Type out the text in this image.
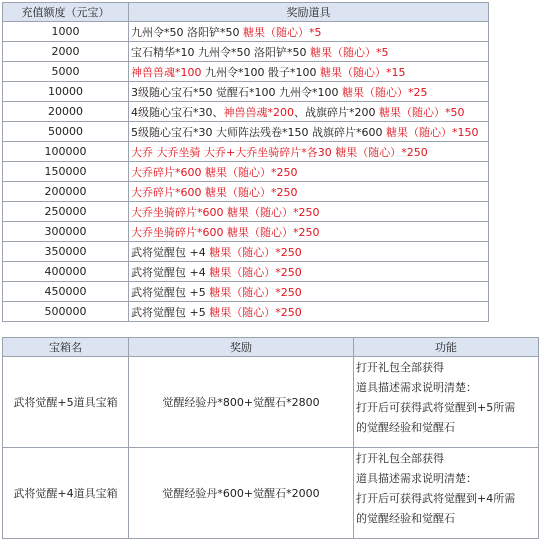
充值额度（元宝）	奖励道具
1000	九州令*50 洛阳铲*50 糖果（随心）*5
2000	宝石精华*10 九州令*50 洛阳铲*50 糖果（随心）*5
5000	神兽兽魂*100 九州令*100 骰子*100 糖果（随心）*15
10000	3级随心宝石*50 觉醒石*100 九州令*100 糖果（随心）*25
20000	4级随心宝石*30、神兽兽魂*200、战旗碎片*200 糖果（随心）*50
50000	5级随心宝石*30 大师阵法残卷*150 战旗碎片*600 糖果（随心）*150
100000	大乔 大乔坐骑 大乔+大乔坐骑碎片*各30 糖果（随心）*250
150000	大乔碎片*600 糖果（随心）*250
200000	大乔碎片*600 糖果（随心）*250
250000	大乔坐骑碎片*600 糖果（随心）*250
300000	大乔坐骑碎片*600 糖果（随心）*250
350000	武将觉醒包 +4 糖果（随心）*250
400000	武将觉醒包 +4 糖果（随心）*250
450000	武将觉醒包 +5 糖果（随心）*250
500000	武将觉醒包 +5 糖果（随心）*250
宝箱名	奖励	功能
武将觉醒+5道具宝箱	觉醒经验丹*800+觉醒石*2800	打开礼包全部获得
道具描述需求说明清楚：
打开后可获得武将觉醒到+5所需
的觉醒经验和觉醒石

武将觉醒+4道具宝箱	觉醒经验丹*600+觉醒石*2000	打开礼包全部获得
道具描述需求说明清楚：
打开后可获得武将觉醒到+4所需
的觉醒经验和觉醒石
